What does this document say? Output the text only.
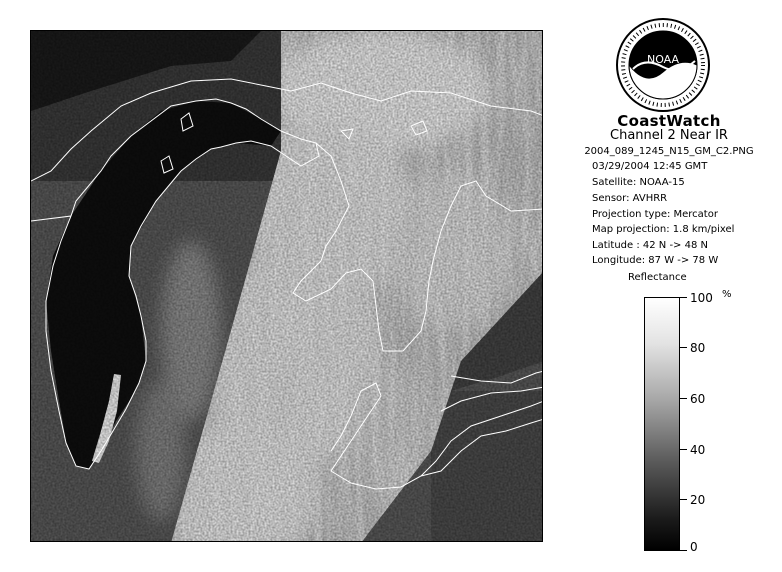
NOAA
CoastWatch
Channel 2 Near IR
2004_089_1245_N15_GM_C2.PNG
03/29/2004 12:45 GMT
Satellite: NOAA-15
Sensor: AVHRR
Projection type: Mercator
Map projection: 1.8 km/pixel
Latitude : 42 N -> 48 N
Longitude: 87 W -> 78 W
Reflectance
%
100
80
60
40
20
0
